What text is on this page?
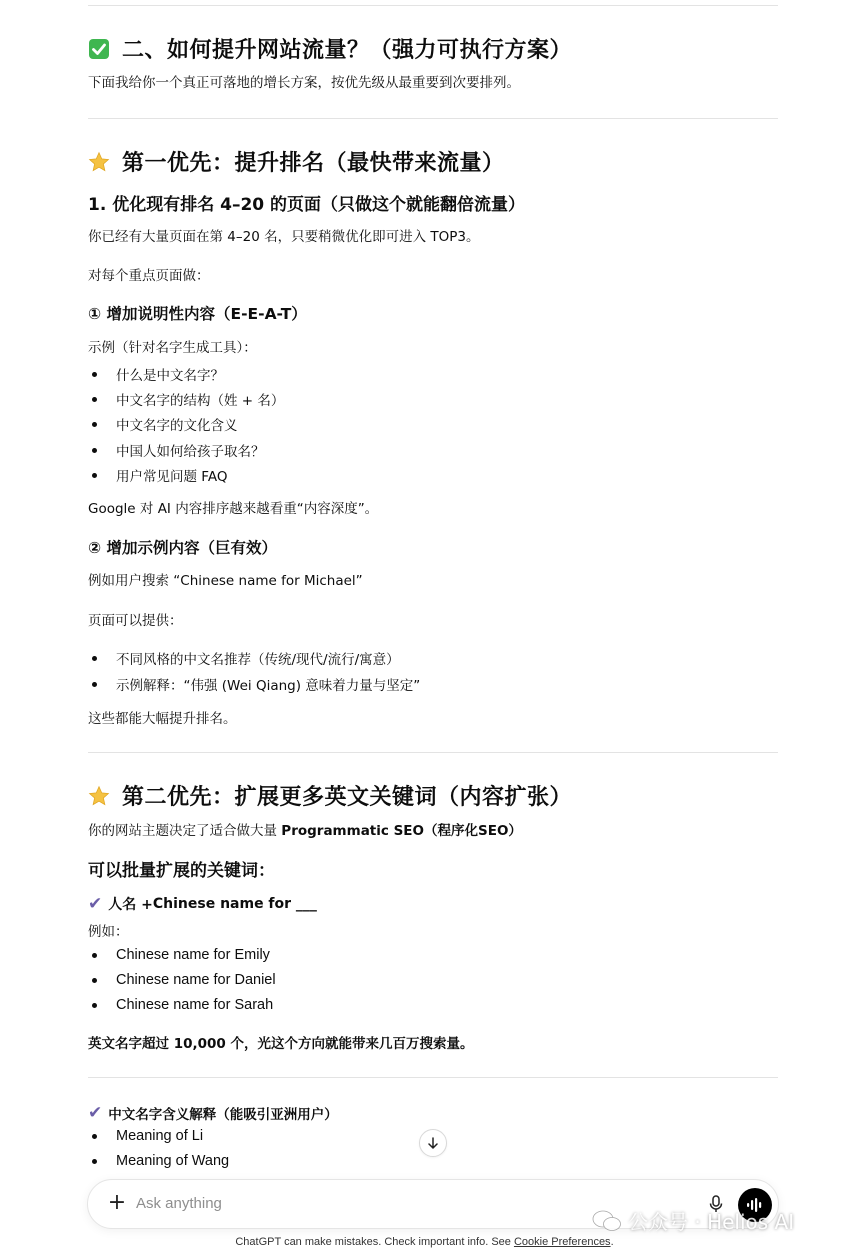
二、如何提升网站流量？（强力可执行方案）
下面我给你一个真正可落地的增长方案，按优先级从最重要到次要排列。
第一优先：提升排名（最快带来流量）
1. 优化现有排名 4–20 的页面（只做这个就能翻倍流量）
你已经有大量页面在第 4–20 名，只要稍微优化即可进入 TOP3。
对每个重点页面做：
① 增加说明性内容（E-E-A-T）
示例（针对名字生成工具）：
什么是中文名字？
中文名字的结构（姓 + 名）
中文名字的文化含义
中国人如何给孩子取名？
用户常见问题 FAQ
Google 对 AI 内容排序越来越看重“内容深度”。
② 增加示例内容（巨有效）
例如用户搜索 “Chinese name for Michael”
页面可以提供：
不同风格的中文名推荐（传统/现代/流行/寓意）
示例解释：“伟强 (Wei Qiang) 意味着力量与坚定”
这些都能大幅提升排名。
第二优先：扩展更多英文关键词（内容扩张）
你的网站主题决定了适合做大量 Programmatic SEO（程序化SEO）
可以批量扩展的关键词：
✔ 人名 + Chinese name for ___
例如：
Chinese name for Emily
Chinese name for Daniel
Chinese name for Sarah
英文名字超过 10,000 个，光这个方向就能带来几百万搜索量。
✔ 中文名字含义解释（能吸引亚洲用户）
Meaning of Li
Meaning of Wang
+ Ask anything
公众号 · Helios AI
ChatGPT can make mistakes. Check important info. See Cookie Preferences.
